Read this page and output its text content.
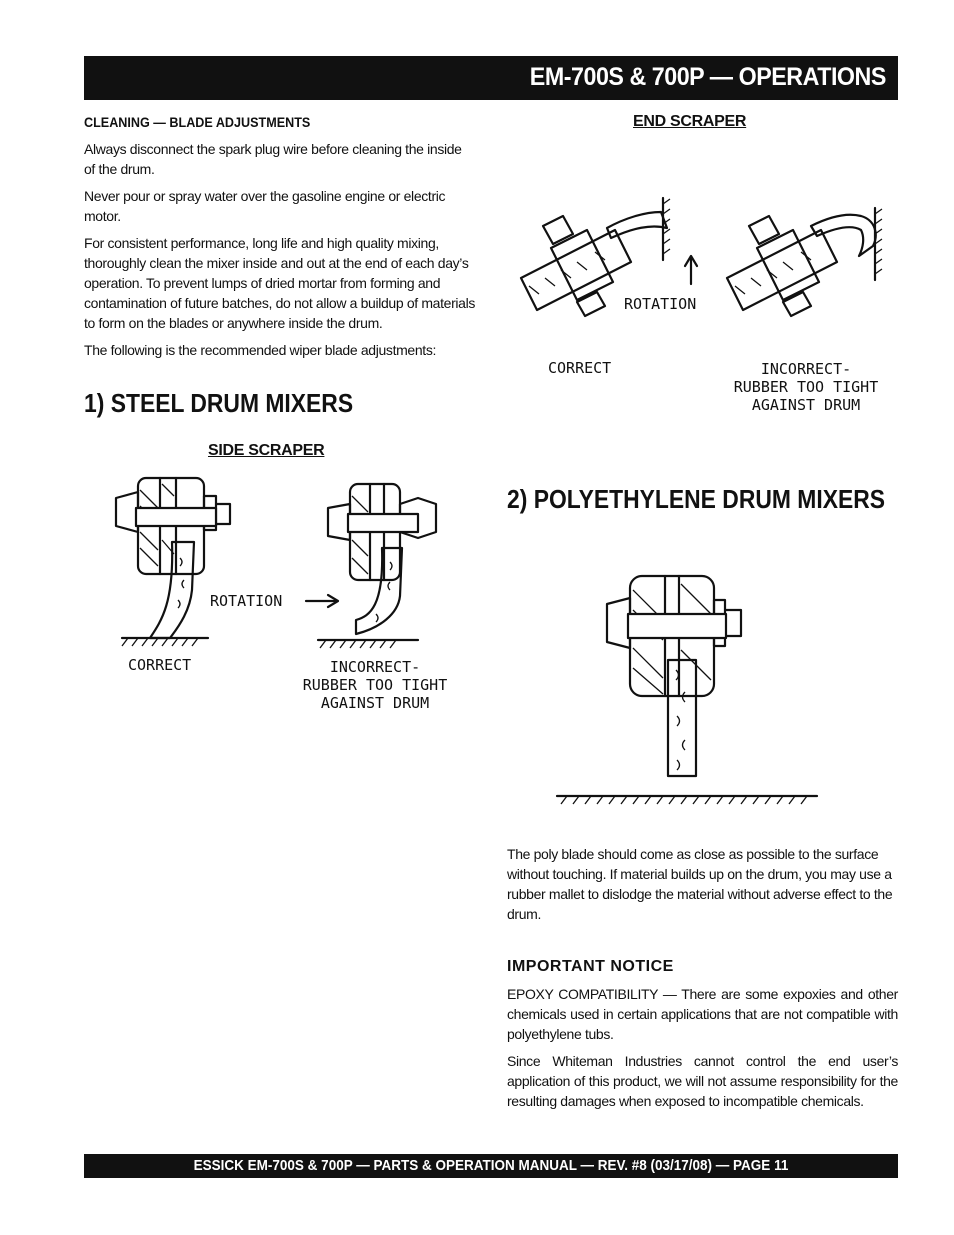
EM-700S & 700P — OPERATIONS
CLEANING — BLADE ADJUSTMENTS

Always disconnect the spark plug wire before cleaning the inside of the drum.

Never pour or spray water over the gasoline engine or electric motor.

For consistent performance, long life and high quality mixing, thoroughly clean the mixer inside and out at the end of each day’s operation. To prevent lumps of dried mortar from forming and contamination of future batches, do not allow a buildup of materials to form on the blades or anywhere inside the drum.

The following is the recommended wiper blade adjustments:

1) STEEL DRUM MIXERS
SIDE SCRAPER
ROTATION
CORRECT	INCORRECT-
RUBBER TOO TIGHT
AGAINST DRUM
END SCRAPER
ROTATION
CORRECT	INCORRECT-
RUBBER TOO TIGHT
AGAINST DRUM
2) POLYETHYLENE DRUM MIXERS

The poly blade should come as close as possible to the surface without touching. If material builds up on the drum, you may use a rubber mallet to dislodge the material without adverse effect to the drum.

IMPORTANT NOTICE

EPOXY COMPATIBILITY — There are some expoxies and other chemicals used in certain applications that are not compatible with polyethylene tubs.

Since Whiteman Industries cannot control the end user’s application of this product, we will not assume responsibility for the resulting damages when exposed to incompatible chemicals.

ESSICK EM-700S & 700P — PARTS & OPERATION MANUAL — REV. #8 (03/17/08) — PAGE 11
